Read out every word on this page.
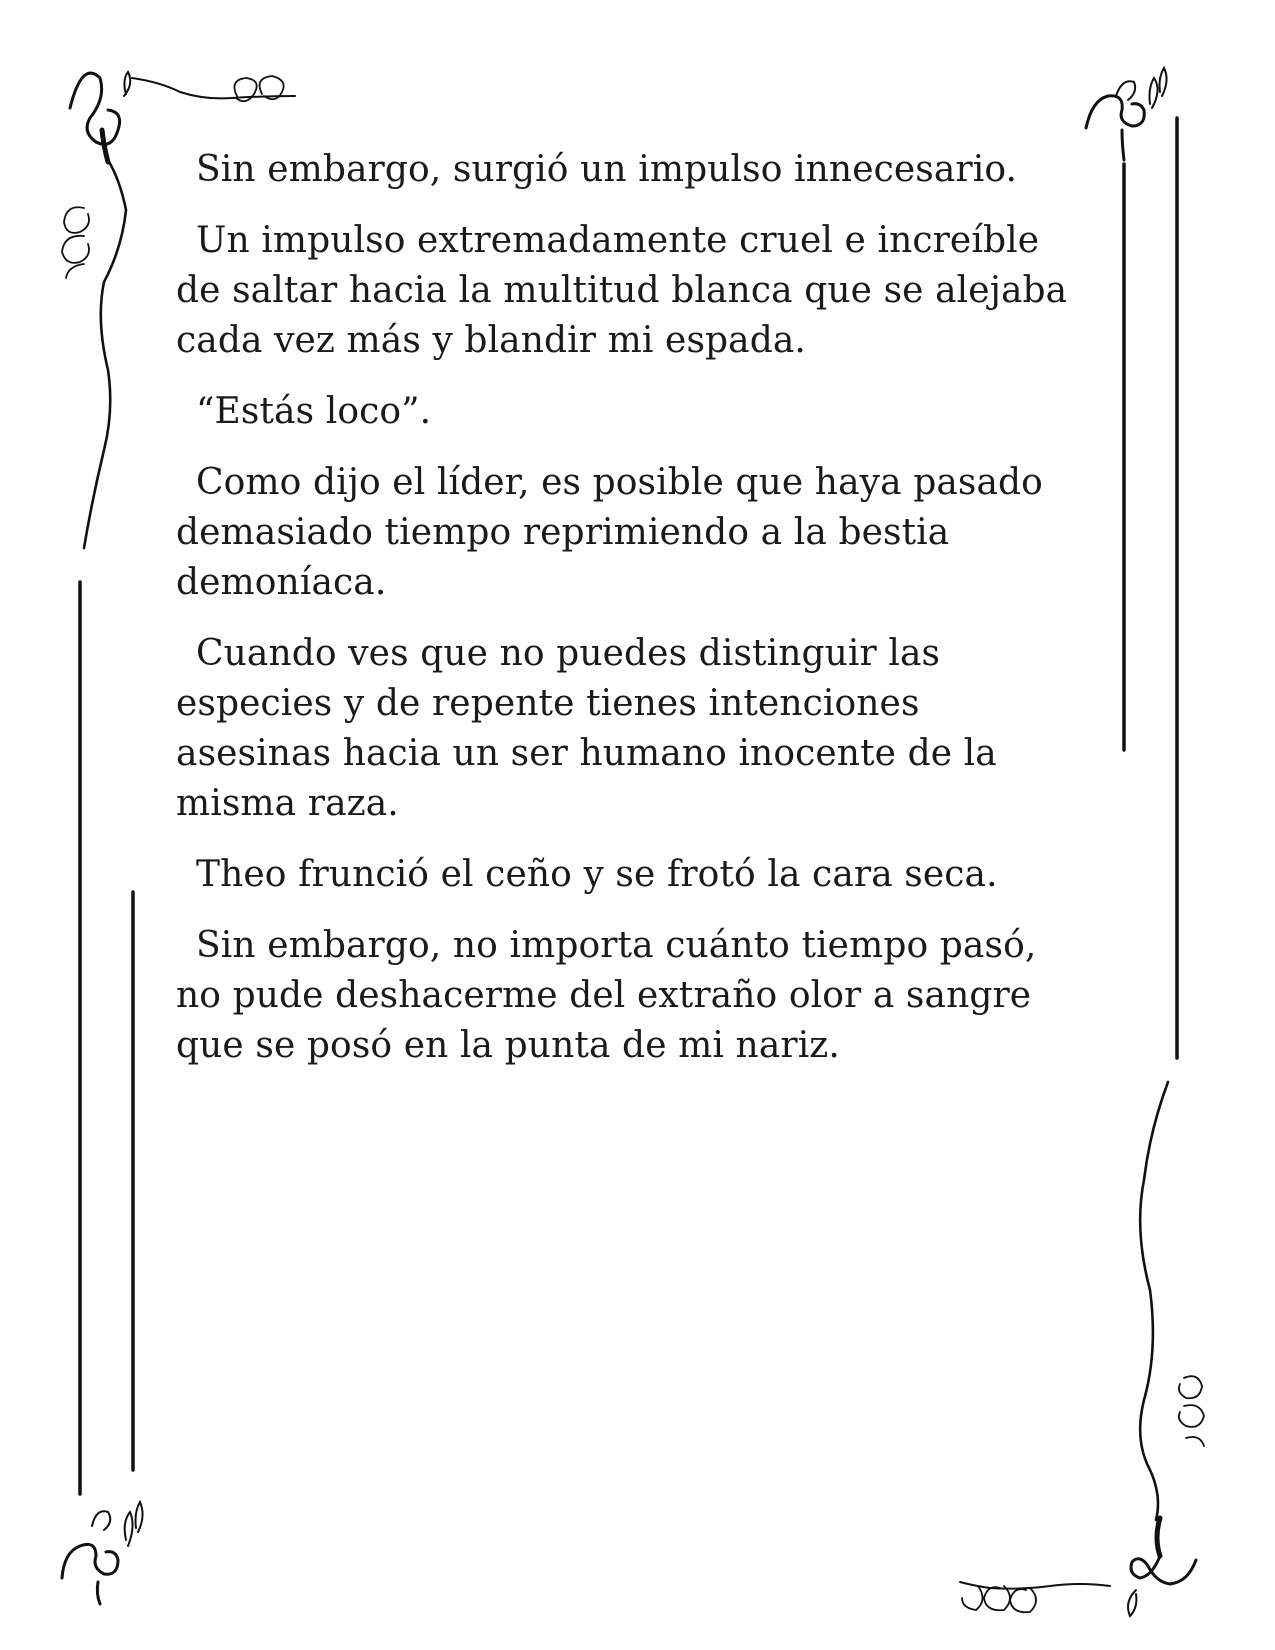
Sin embargo, surgió un impulso innecesario.

Un impulso extremadamente cruel e increíble de saltar hacia la multitud blanca que se alejaba cada vez más y blandir mi espada.

“Estás loco”.

Como dijo el líder, es posible que haya pasado demasiado tiempo reprimiendo a la bestia demoníaca.

Cuando ves que no puedes distinguir las especies y de repente tienes intenciones asesinas hacia un ser humano inocente de la misma raza.

Theo frunció el ceño y se frotó la cara seca.

Sin embargo, no importa cuánto tiempo pasó, no pude deshacerme del extraño olor a sangre que se posó en la punta de mi nariz.
